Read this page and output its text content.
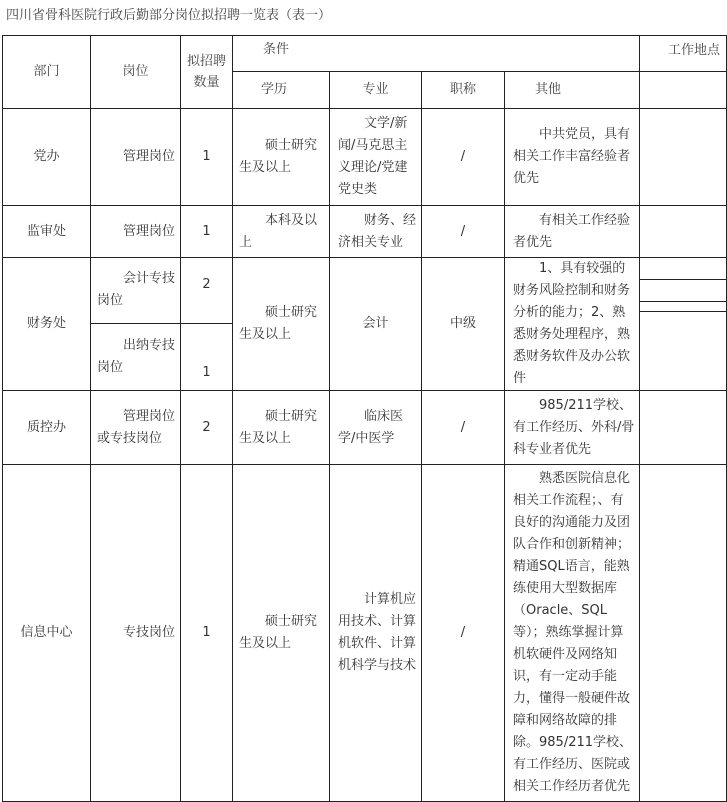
四川省骨科医院行政后勤部分岗位拟招聘一览表（表一）
部门	岗位	拟招聘数量	条件				工作地点
			学历	专业	职称	其他	
党办	管理岗位	1	硕士研究生及以上	文学/新闻/马克思主义理论/党建党史类	/	中共党员，具有相关工作丰富经验者优先	
监审处	管理岗位	1	本科及以上	财务、经济相关专业	/	有相关工作经验者优先	
财务处	会计专技岗位	2	硕士研究生及以上	会计	中级	1、具有较强的财务风险控制和财务分析的能力；2、熟悉财务处理程序，熟悉财务软件及办公软件	

	出纳专技岗位	1					
质控办	管理岗位或专技岗位	2	硕士研究生及以上	临床医学/中医学	/	985/211学校、有工作经历、外科/骨科专业者优先	
信息中心	专技岗位	1	硕士研究生及以上	计算机应用技术、计算机软件、计算机科学与技术	/	熟悉医院信息化相关工作流程；、有良好的沟通能力及团队合作和创新精神；精通SQL语言，能熟练使用大型数据库（Oracle、SQL等）；熟练掌握计算机软硬件及网络知识，有一定动手能力，懂得一般硬件故障和网络故障的排除。985/211学校、有工作经历、医院或相关工作经历者优先	
